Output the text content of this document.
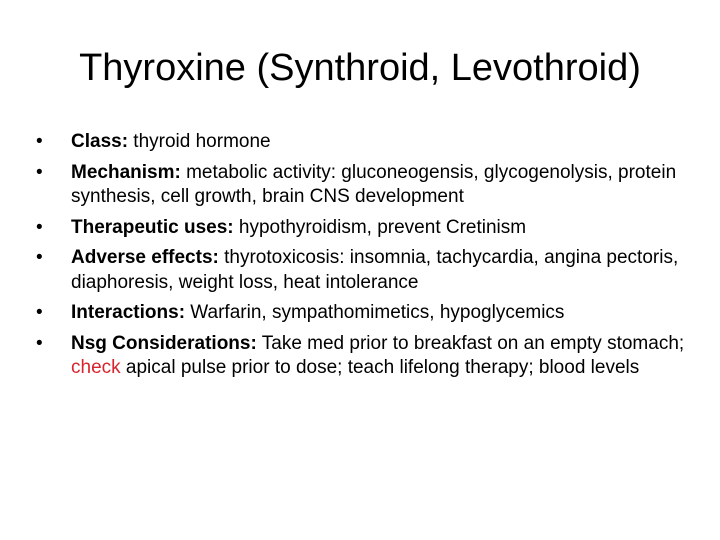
Thyroxine (Synthroid, Levothroid)
• Class: thyroid hormone
• Mechanism: metabolic activity: gluconeogensis, glycogenolysis, protein synthesis, cell growth, brain CNS development
• Therapeutic uses: hypothyroidism, prevent Cretinism
• Adverse effects: thyrotoxicosis: insomnia, tachycardia, angina pectoris, diaphoresis, weight loss, heat intolerance
• Interactions: Warfarin, sympathomimetics, hypoglycemics
• Nsg Considerations: Take med prior to breakfast on an empty stomach; check apical pulse prior to dose; teach lifelong therapy; blood levels
